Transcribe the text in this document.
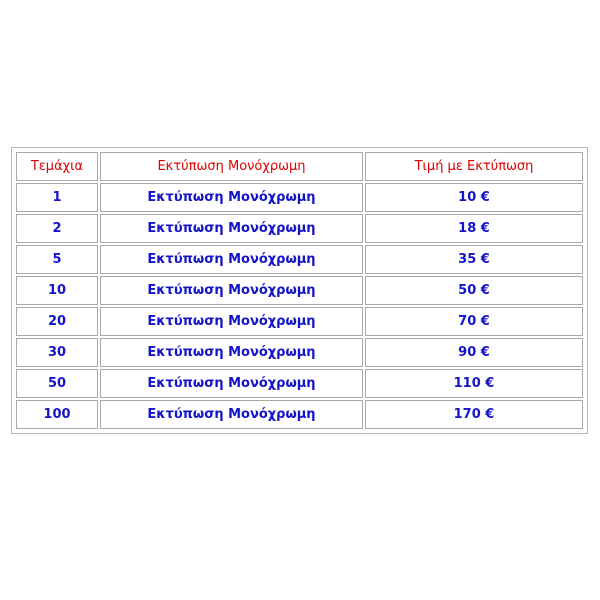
Τεμάχια	Εκτύπωση Μονόχρωμη	Τιμή με Εκτύπωση
1	Εκτύπωση Μονόχρωμη	10 €
2	Εκτύπωση Μονόχρωμη	18 €
5	Εκτύπωση Μονόχρωμη	35 €
10	Εκτύπωση Μονόχρωμη	50 €
20	Εκτύπωση Μονόχρωμη	70 €
30	Εκτύπωση Μονόχρωμη	90 €
50	Εκτύπωση Μονόχρωμη	110 €
100	Εκτύπωση Μονόχρωμη	170 €
